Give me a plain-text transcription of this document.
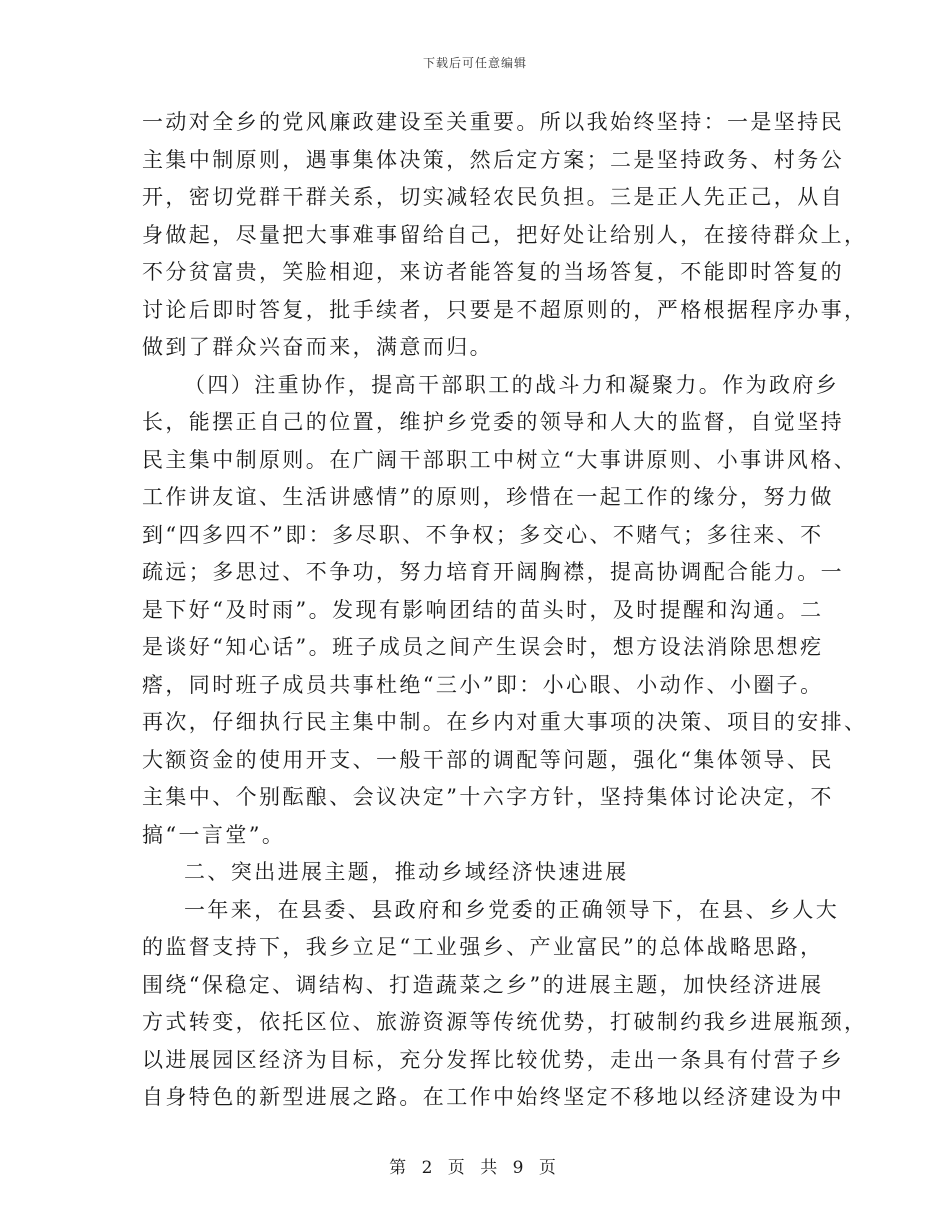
下载后可任意编辑
一动对全乡的党风廉政建设至关重要。所以我始终坚持：一是坚持民
主集中制原则，遇事集体决策，然后定方案；二是坚持政务、村务公
开，密切党群干群关系，切实减轻农民负担。三是正人先正己，从自
身做起，尽量把大事难事留给自己，把好处让给别人，在接待群众上，
不分贫富贵，笑脸相迎，来访者能答复的当场答复，不能即时答复的
讨论后即时答复，批手续者，只要是不超原则的，严格根据程序办事，
做到了群众兴奋而来，满意而归。
（四）注重协作，提高干部职工的战斗力和凝聚力。作为政府乡
长，能摆正自己的位置，维护乡党委的领导和人大的监督，自觉坚持
民主集中制原则。在广阔干部职工中树立“大事讲原则、小事讲风格、
工作讲友谊、生活讲感情”的原则，珍惜在一起工作的缘分，努力做
到“四多四不”即：多尽职、不争权；多交心、不赌气；多往来、不
疏远；多思过、不争功，努力培育开阔胸襟，提高协调配合能力。一
是下好“及时雨”。发现有影响团结的苗头时，及时提醒和沟通。二
是谈好“知心话”。班子成员之间产生误会时，想方设法消除思想疙
瘩，同时班子成员共事杜绝“三小”即：小心眼、小动作、小圈子。
再次，仔细执行民主集中制。在乡内对重大事项的决策、项目的安排、
大额资金的使用开支、一般干部的调配等问题，强化“集体领导、民
主集中、个别酝酿、会议决定”十六字方针，坚持集体讨论决定，不
搞“一言堂”。
二、突出进展主题，推动乡域经济快速进展
一年来，在县委、县政府和乡党委的正确领导下，在县、乡人大
的监督支持下，我乡立足“工业强乡、产业富民”的总体战略思路，
围绕“保稳定、调结构、打造蔬菜之乡”的进展主题，加快经济进展
方式转变，依托区位、旅游资源等传统优势，打破制约我乡进展瓶颈，
以进展园区经济为目标，充分发挥比较优势，走出一条具有付营子乡
自身特色的新型进展之路。在工作中始终坚定不移地以经济建设为中
第 2 页 共 9 页
